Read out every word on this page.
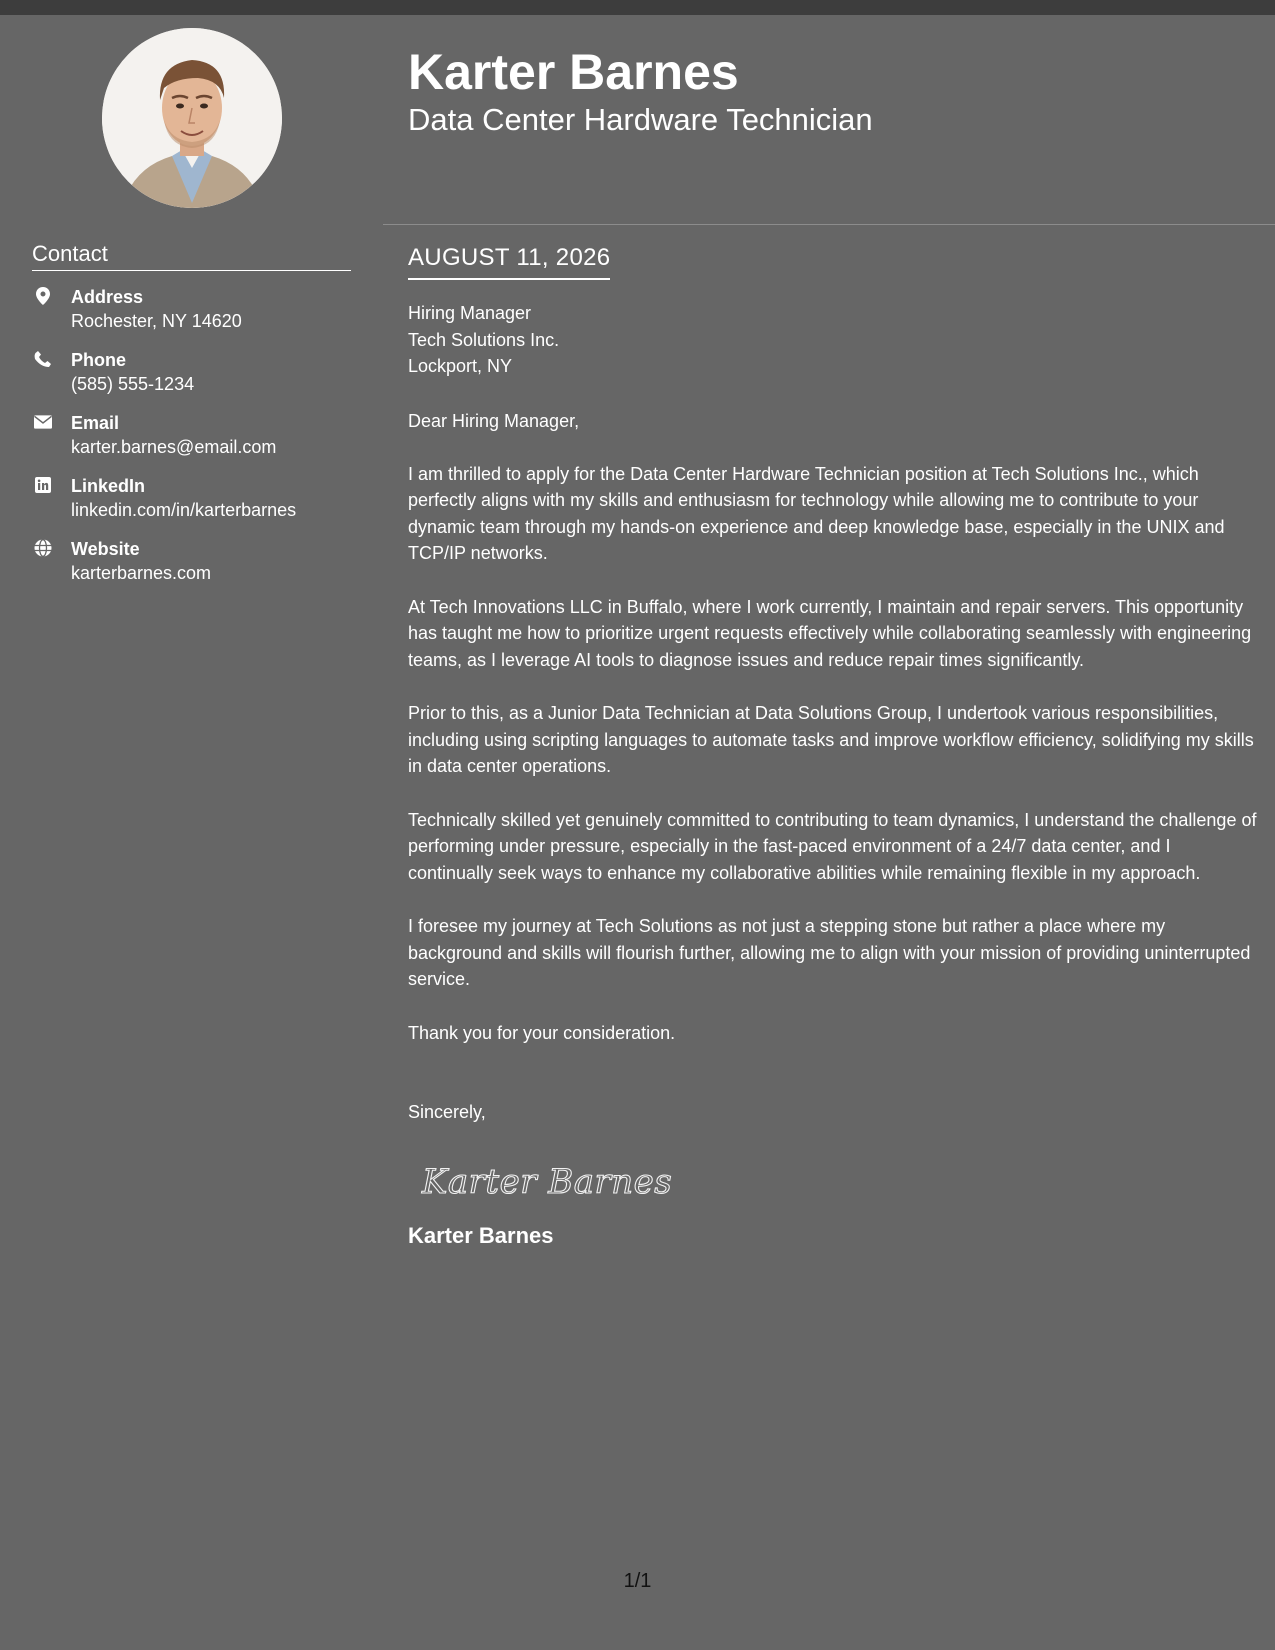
Contact
Address
Rochester, NY 14620
Phone
(585) 555-1234
Email
karter.barnes@email.com
LinkedIn
linkedin.com/in/karterbarnes
Website
karterbarnes.com
Karter Barnes
Data Center Hardware Technician
AUGUST 11, 2026
Hiring Manager
Tech Solutions Inc.
Lockport, NY
Dear Hiring Manager,
I am thrilled to apply for the Data Center Hardware Technician position at Tech Solutions Inc., which perfectly aligns with my skills and enthusiasm for technology while allowing me to contribute to your dynamic team through my hands-on experience and deep knowledge base, especially in the UNIX and TCP/IP networks.
At Tech Innovations LLC in Buffalo, where I work currently, I maintain and repair servers. This opportunity has taught me how to prioritize urgent requests effectively while collaborating seamlessly with engineering teams, as I leverage AI tools to diagnose issues and reduce repair times significantly.
Prior to this, as a Junior Data Technician at Data Solutions Group, I undertook various responsibilities, including using scripting languages to automate tasks and improve workflow efficiency, solidifying my skills in data center operations.
Technically skilled yet genuinely committed to contributing to team dynamics, I understand the challenge of performing under pressure, especially in the fast-paced environment of a 24/7 data center, and I continually seek ways to enhance my collaborative abilities while remaining flexible in my approach.
I foresee my journey at Tech Solutions as not just a stepping stone but rather a place where my background and skills will flourish further, allowing me to align with your mission of providing uninterrupted service.
Thank you for your consideration.
Sincerely,
Karter Barnes
Karter Barnes
1/1
